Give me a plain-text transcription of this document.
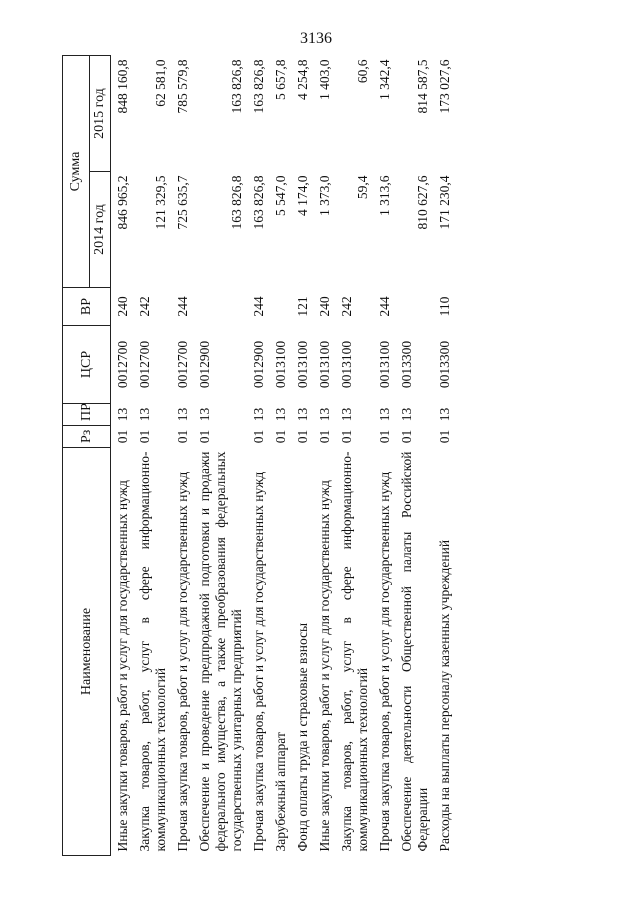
3136
Наименование	Рз	ПР	ЦСР	ВР	Сумма	
					2014 год	2015 год
Иные закупки товаров, работ и услуг для государственных нужд	01	13	0012700	240	846 965,2	848 160,8
Закупка товаров, работ, услуг в сфере информационно-коммуникационных технологий	01	13	0012700	242	121 329,5	62 581,0
Прочая закупка товаров, работ и услуг для государственных нужд	01	13	0012700	244	725 635,7	785 579,8
Обеспечение и проведение предпродажной подготовки и продажи федерального имущества, а также преобразования федеральных государственных унитарных предприятий	01	13	0012900		163 826,8	163 826,8
Прочая закупка товаров, работ и услуг для государственных нужд	01	13	0012900	244	163 826,8	163 826,8
Зарубежный аппарат	01	13	0013100		5 547,0	5 657,8
Фонд оплаты труда и страховые взносы	01	13	0013100	121	4 174,0	4 254,8
Иные закупки товаров, работ и услуг для государственных нужд	01	13	0013100	240	1 373,0	1 403,0
Закупка товаров, работ, услуг в сфере информационно-коммуникационных технологий	01	13	0013100	242	59,4	60,6
Прочая закупка товаров, работ и услуг для государственных нужд	01	13	0013100	244	1 313,6	1 342,4
Обеспечение деятельности Общественной палаты Российской Федерации	01	13	0013300		810 627,6	814 587,5
Расходы на выплаты персоналу казенных учреждений	01	13	0013300	110	171 230,4	173 027,6
